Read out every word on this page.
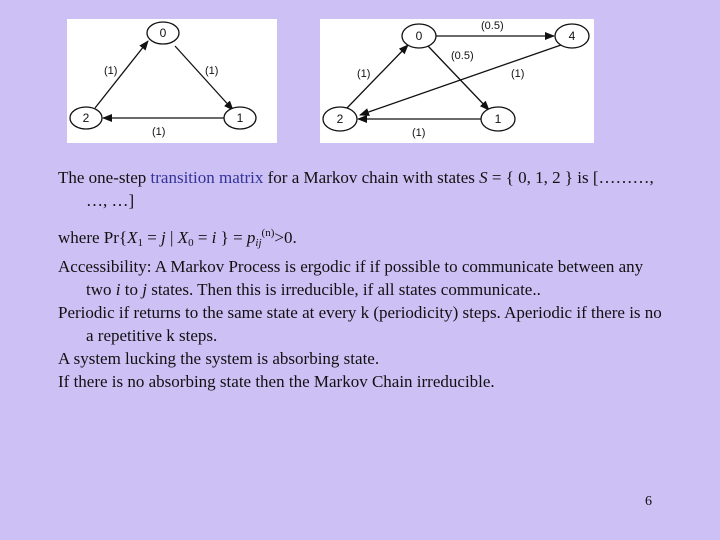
0
2	1
(1)	(1)
(1)
0	4
2	1
(0.5)
(0.5)
(1)	(1)
(1)

The one-step transition matrix for a Markov chain with states S = { 0, 1, 2 } is [………, …, …]

where $Pr\{X_1 = j$ | $X_0 = i$ } = $p_{ij}^{(n)}>0$.

Accessibility: A Markov Process is ergodic if if possible to communicate between any two i to j states. Then this is irreducible, if all states communicate..

Periodic if returns to the same state at every k (periodicity) steps. Aperiodic if there is no a repetitive k steps.

A system lucking the system is absorbing state.

If there is no absorbing state then the Markov Chain irreducible.

6
